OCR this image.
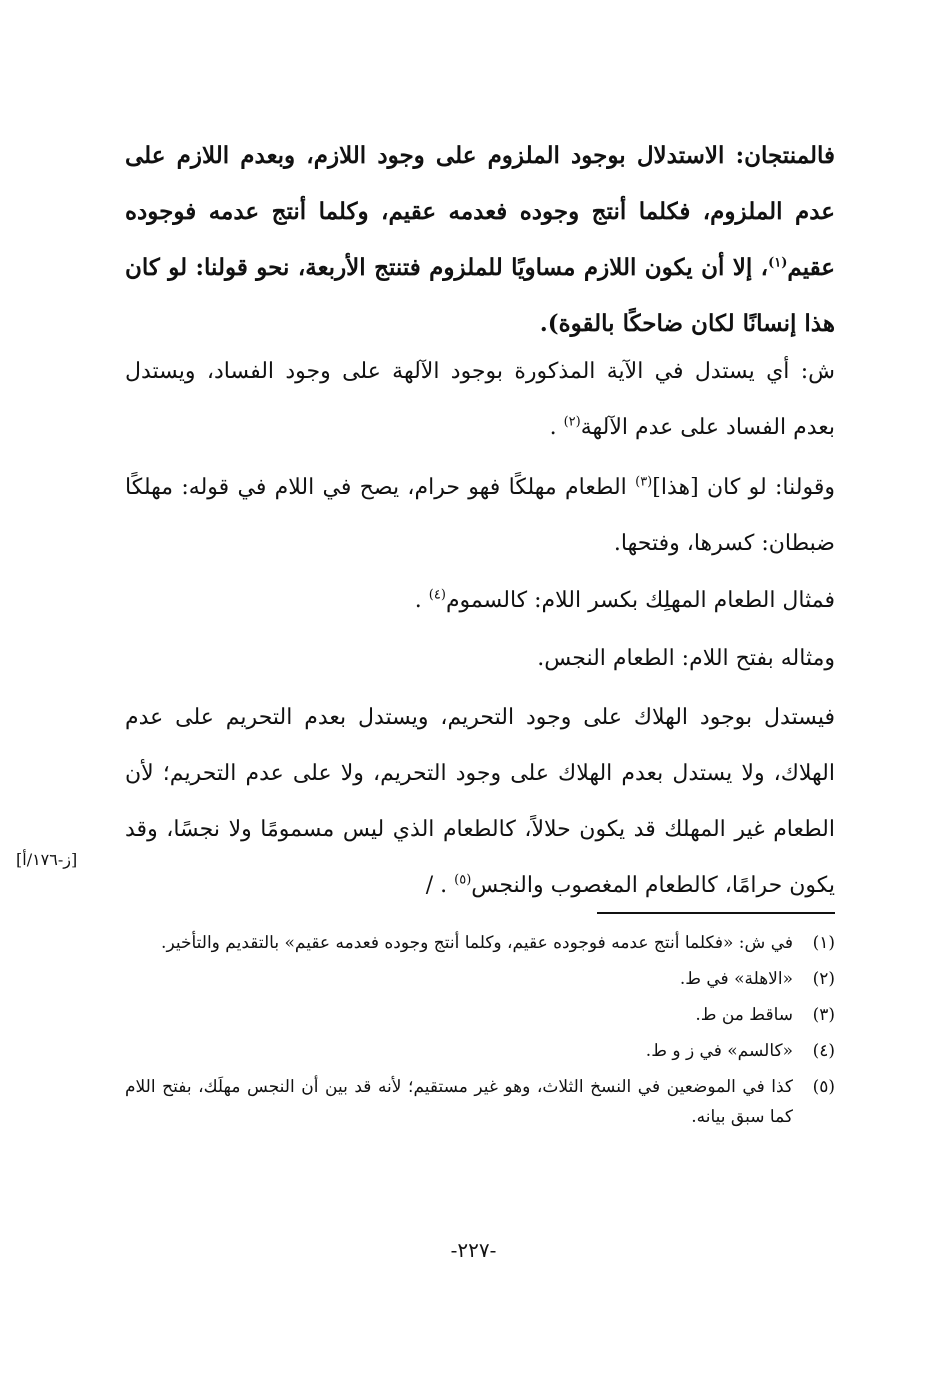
فالمنتجان: الاستدلال بوجود الملزوم على وجود اللازم، وبعدم اللازم على عدم الملزوم، فكلما أنتج وجوده فعدمه عقيم، وكلما أنتج عدمه فوجوده عقيم$^{(١)}$، إلا أن يكون اللازم مساويًا للملزوم فتنتج الأربعة، نحو قولنا: لو كان هذا إنسانًا لكان ضاحكًا بالقوة).
ش: أي يستدل في الآية المذكورة بوجود الآلهة على وجود الفساد، ويستدل بعدم الفساد على عدم الآلهة$^{(٢)}$ .
وقولنا: لو كان [هذا]$^{(٣)}$ الطعام مهلكًا فهو حرام، يصح في اللام في قوله: مهلكًا ضبطان: كسرها، وفتحها.
فمثال الطعام المهلِك بكسر اللام: كالسموم$^{(٤)}$ .
ومثاله بفتح اللام: الطعام النجس.
فيستدل بوجود الهلاك على وجود التحريم، ويستدل بعدم التحريم على عدم الهلاك، ولا يستدل بعدم الهلاك على وجود التحريم، ولا على عدم التحريم؛ لأن الطعام غير المهلك قد يكون حلالاً، كالطعام الذي ليس مسمومًا ولا نجسًا، وقد يكون حرامًا، كالطعام المغصوب والنجس$^{(٥)}$ . /
[ز-١٧٦/أ]
(١)
في ش: «فكلما أنتج عدمه فوجوده عقيم، وكلما أنتج وجوده فعدمه عقيم» بالتقديم والتأخير.
(٢)
«الاهلة» في ط.
(٣)
ساقط من ط.
(٤)
«كالسم» في ز و ط.
(٥)
كذا في الموضعين في النسخ الثلاث، وهو غير مستقيم؛ لأنه قد بين أن النجس مهلَك، بفتح اللام كما سبق بيانه.
-٢٢٧-
